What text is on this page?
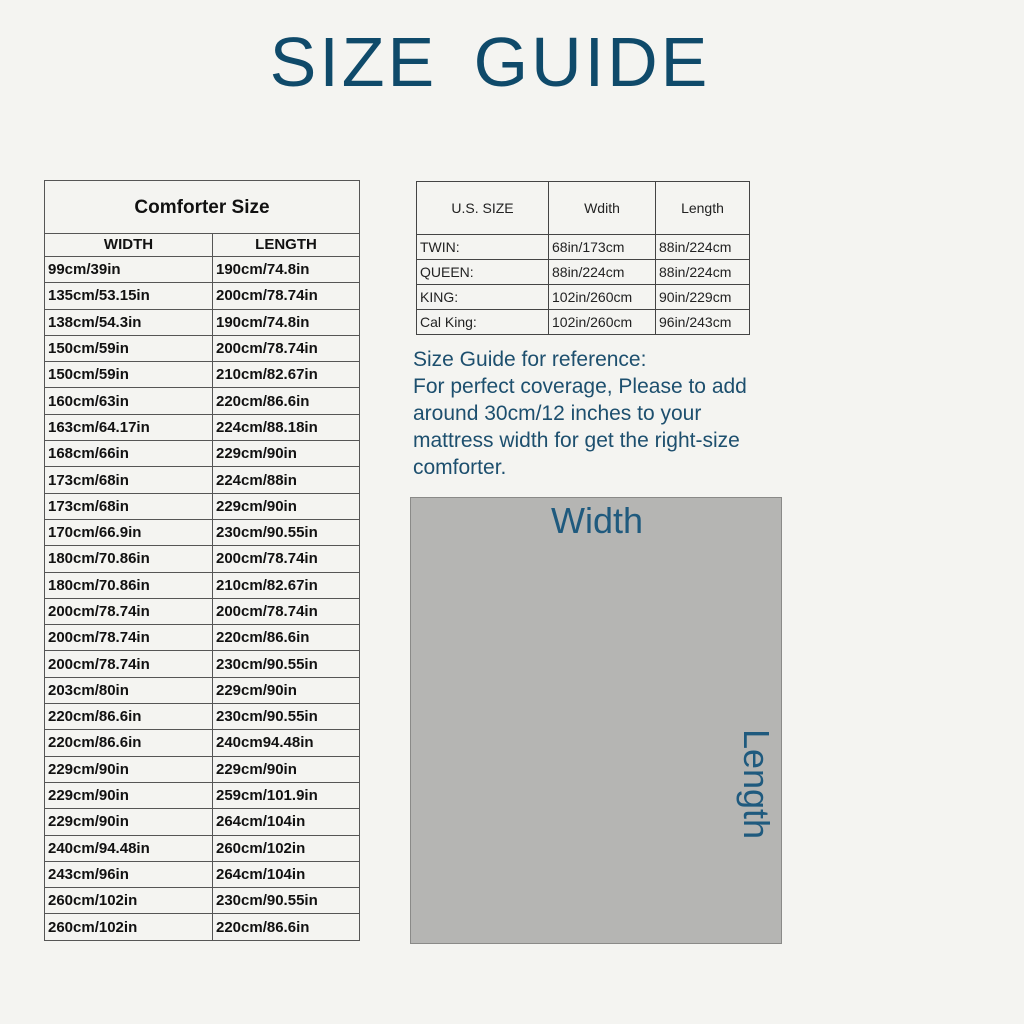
SIZE GUIDE
Comforter Size	
WIDTH	LENGTH
99cm/39in	190cm/74.8in
135cm/53.15in	200cm/78.74in
138cm/54.3in	190cm/74.8in
150cm/59in	200cm/78.74in
150cm/59in	210cm/82.67in
160cm/63in	220cm/86.6in
163cm/64.17in	224cm/88.18in
168cm/66in	229cm/90in
173cm/68in	224cm/88in
173cm/68in	229cm/90in
170cm/66.9in	230cm/90.55in
180cm/70.86in	200cm/78.74in
180cm/70.86in	210cm/82.67in
200cm/78.74in	200cm/78.74in
200cm/78.74in	220cm/86.6in
200cm/78.74in	230cm/90.55in
203cm/80in	229cm/90in
220cm/86.6in	230cm/90.55in
220cm/86.6in	240cm94.48in
229cm/90in	229cm/90in
229cm/90in	259cm/101.9in
229cm/90in	264cm/104in
240cm/94.48in	260cm/102in
243cm/96in	264cm/104in
260cm/102in	230cm/90.55in
260cm/102in	220cm/86.6in
U.S. SIZE	Wdith	Length
TWIN:	68in/173cm	88in/224cm
QUEEN:	88in/224cm	88in/224cm
KING:	102in/260cm	90in/229cm
Cal King:	102in/260cm	96in/243cm
Size Guide for reference:
For perfect coverage, Please to add
around 30cm/12 inches to your
mattress width for get the right-size
comforter.
Width
Length
